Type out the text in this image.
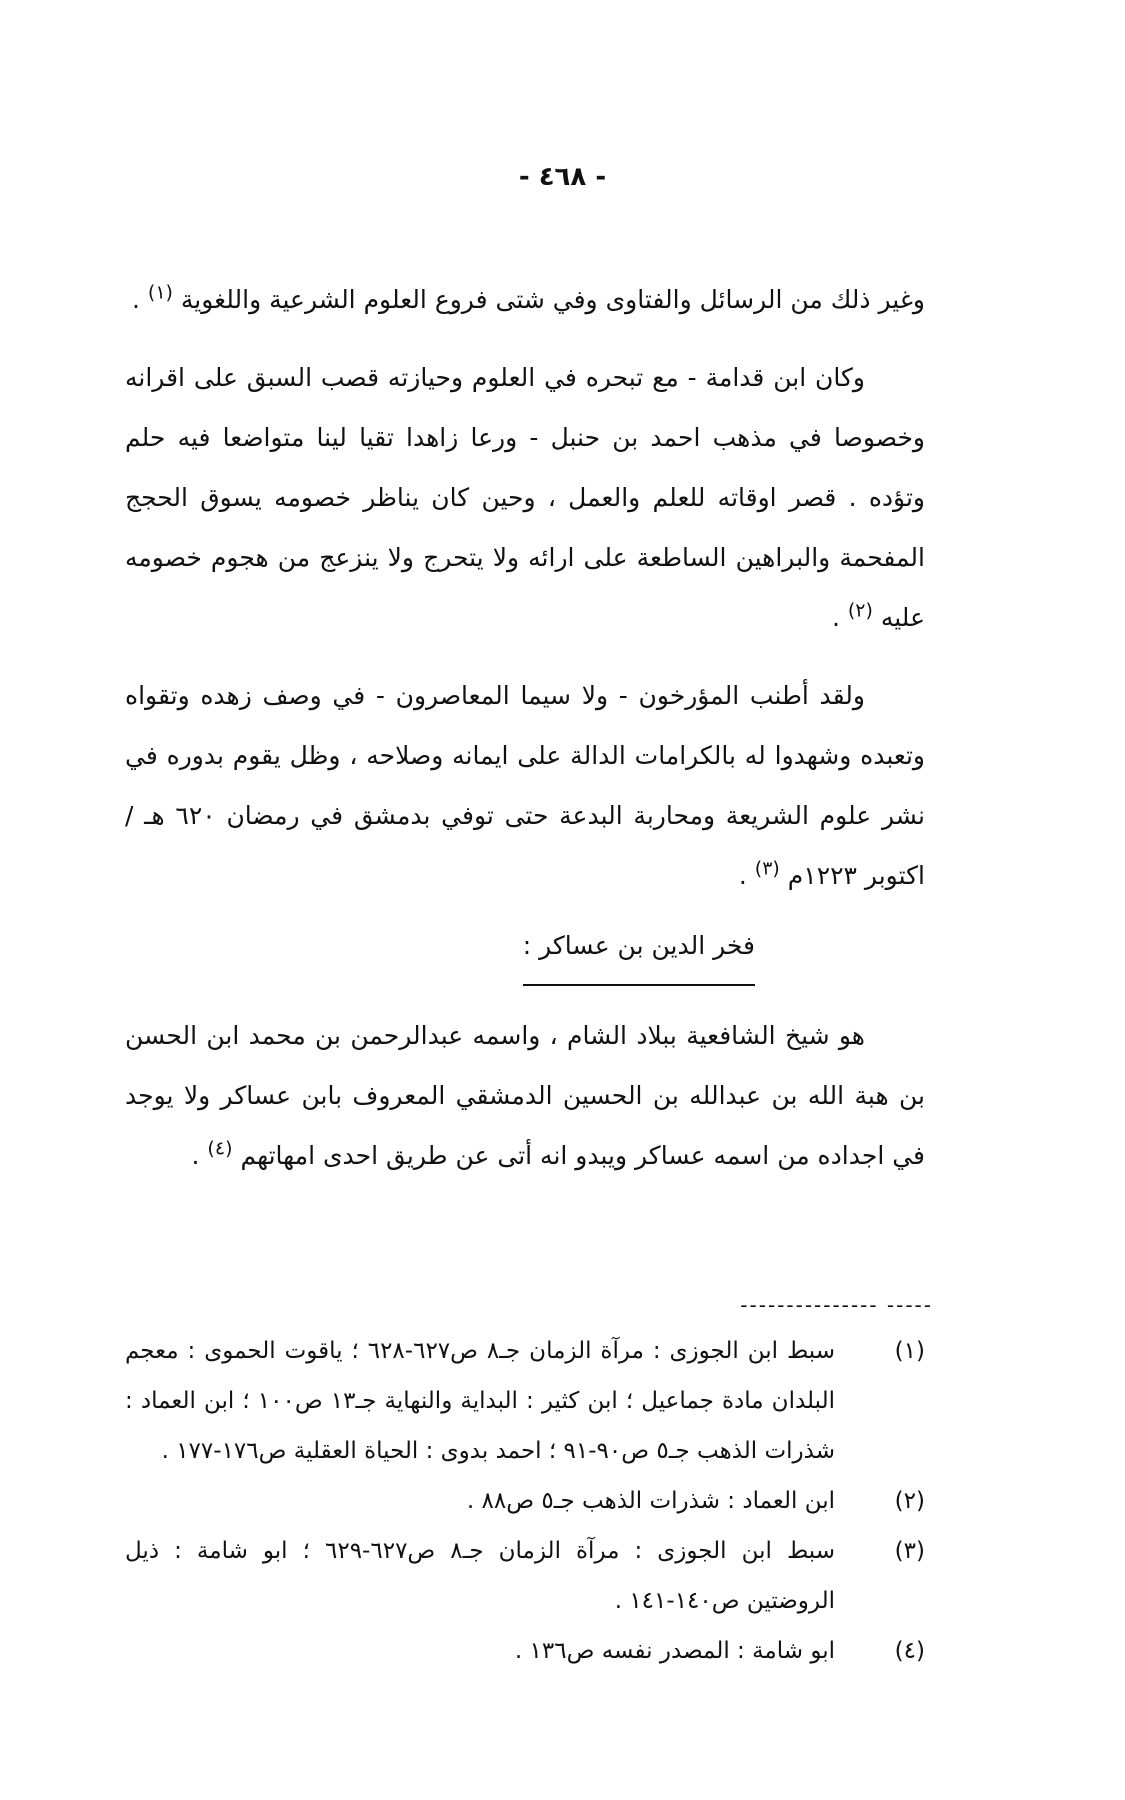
- ٤٦٨ -

وغير ذلك من الرسائل والفتاوى وفي شتى فروع العلوم الشرعية واللغوية $^{(١)}$ .

وكان ابن قدامة - مع تبحره في العلوم وحيازته قصب السبق على اقرانه وخصوصا في مذهب احمد بن حنبل - ورعا زاهدا تقيا لينا متواضعا فيه حلم وتؤده . قصر اوقاته للعلم والعمل ، وحين كان يناظر خصومه يسوق الحجج المفحمة والبراهين الساطعة على ارائه ولا يتحرج ولا ينزعج من هجوم خصومه عليه $^{(٢)}$ .

ولقد أطنب المؤرخون - ولا سيما المعاصرون - في وصف زهده وتقواه وتعبده وشهدوا له بالكرامات الدالة على ايمانه وصلاحه ، وظل يقوم بدوره في نشر علوم الشريعة ومحاربة البدعة حتى توفي بدمشق في رمضان ٦٢٠ هـ / اكتوبر ١٢٢٣م $^{(٣)}$ .

فخر الدين بن عساكر :

هو شيخ الشافعية ببلاد الشام ، واسمه عبدالرحمن بن محمد ابن الحسن بن هبة الله بن عبدالله بن الحسين الدمشقي المعروف بابن عساكر ولا يوجد في اجداده من اسمه عساكر ويبدو انه أتى عن طريق احدى امهاتهم $^{(٤)}$ .

--------------- -----
(١)
سبط ابن الجوزى : مرآة الزمان جـ٨ ص٦٢٧-٦٢٨ ؛ ياقوت الحموى : معجم البلدان مادة جماعيل ؛ ابن كثير : البداية والنهاية جـ١٣ ص١٠٠ ؛ ابن العماد : شذرات الذهب جـ٥ ص٩٠-٩١ ؛ احمد بدوى : الحياة العقلية ص١٧٦-١٧٧ .
(٢)
ابن العماد : شذرات الذهب جـ٥ ص٨٨ .
(٣)
سبط ابن الجوزى : مرآة الزمان جـ٨ ص٦٢٧-٦٢٩ ؛ ابو شامة : ذيل الروضتين ص١٤٠-١٤١ .
(٤)
ابو شامة : المصدر نفسه ص١٣٦ .
